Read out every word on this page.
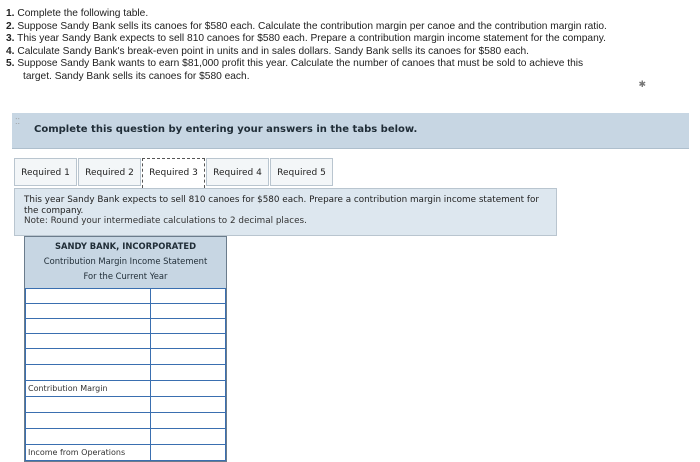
1. Complete the following table.
2. Suppose Sandy Bank sells its canoes for $580 each. Calculate the contribution margin per canoe and the contribution margin ratio.
3. This year Sandy Bank expects to sell 810 canoes for $580 each. Prepare a contribution margin income statement for the company.
4. Calculate Sandy Bank's break-even point in units and in sales dollars. Sandy Bank sells its canoes for $580 each.
5. Suppose Sandy Bank wants to earn $81,000 profit this year. Calculate the number of canoes that must be sold to achieve this
target. Sandy Bank sells its canoes for $580 each.
✱
⁚⁚
Complete this question by entering your answers in the tabs below.
Required 1	Required 2	Required 3	Required 4	Required 5
This year Sandy Bank expects to sell 810 canoes for $580 each. Prepare a contribution margin income statement for the company.
Note: Round your intermediate calculations to 2 decimal places.
SANDY BANK, INCORPORATED
Contribution Margin Income Statement
For the Current Year

Contribution Margin	

Income from Operations	
